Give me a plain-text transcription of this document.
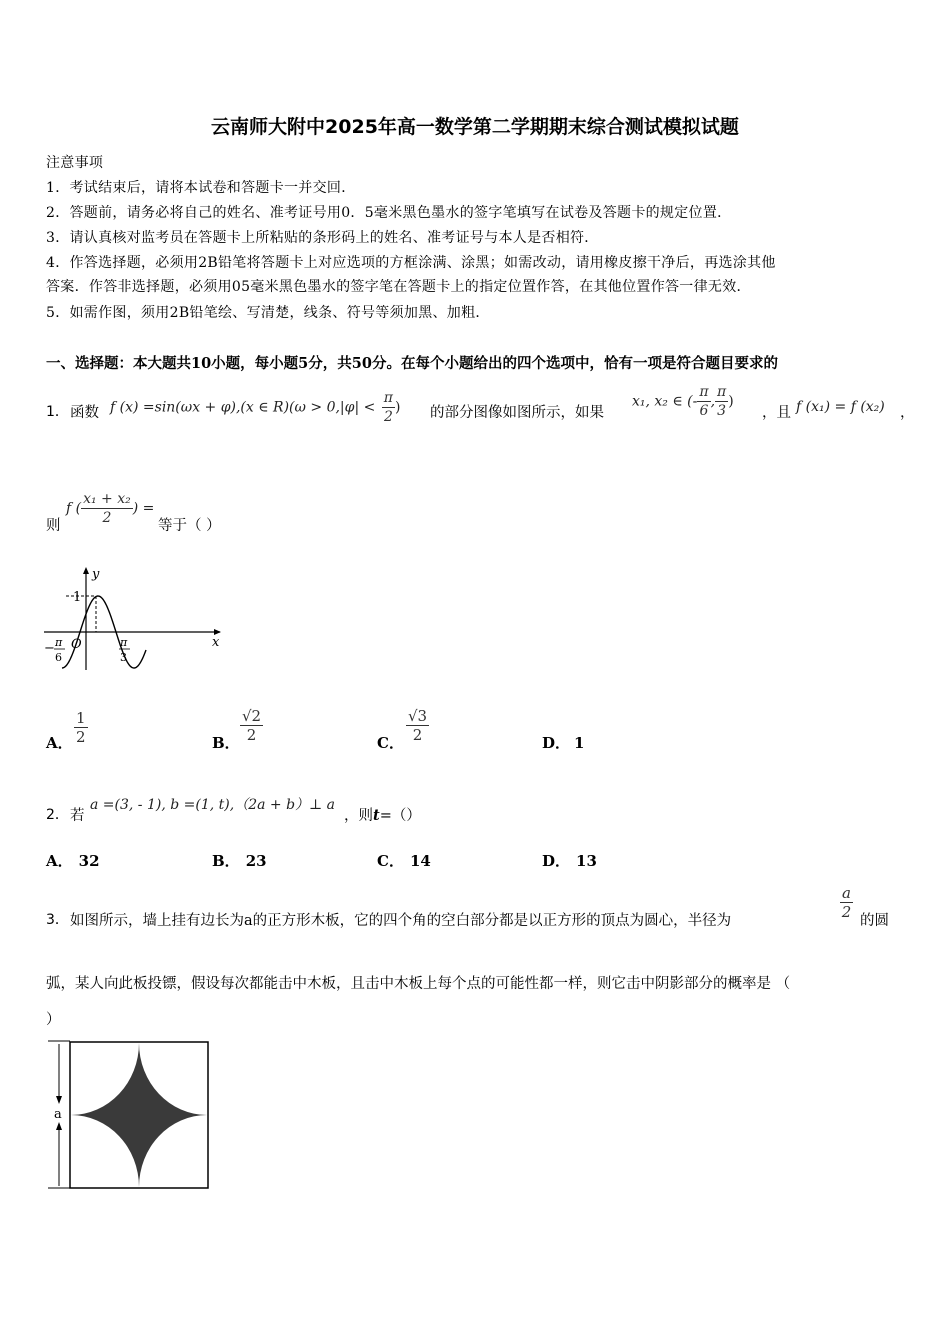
云南师大附中2025年高一数学第二学期期末综合测试模拟试题
注意事项
1．考试结束后，请将本试卷和答题卡一并交回．
2．答题前，请务必将自己的姓名、准考证号用0．5毫米黑色墨水的签字笔填写在试卷及答题卡的规定位置．
3．请认真核对监考员在答题卡上所粘贴的条形码上的姓名、准考证号与本人是否相符．
4．作答选择题，必须用2B铅笔将答题卡上对应选项的方框涂满、涂黑；如需改动，请用橡皮擦干净后，再选涂其他
答案．作答非选择题，必须用05毫米黑色墨水的签字笔在答题卡上的指定位置作答，在其他位置作答一律无效．
5．如需作图，须用2B铅笔绘、写清楚，线条、符号等须加黑、加粗．
一、选择题：本大题共10小题，每小题5分，共50分。在每个小题给出的四个选项中，恰有一项是符合题目要求的
1． 函数 f (x) =sin(ωx + φ),(x ∈ $R)(\omega > 0,|\varphi| < \frac{\pi}{2}$ ) 的部分图像如图所示，如果
x₁, x₂ ∈ (- $\frac{\pi}{6}$ , $\frac{\pi}{3}$ )
，且 f (x₁) = f (x₂) ，
则
f ( $\frac{\text{x₁ + x₂}}{2}$ ) =
等于（ ）
y
x
1
O
− π
6
π
3
A． $\frac{1}{2}$	B． $\frac{√2}{2}$	C． $\frac{√3}{2}$	D． 1
2． 若
a =(3, - 1), b =(1, t),（2a + b）⊥ a
，则t=（）
A． 32	B． 23	C． 14	D． 13
3． 如图所示，墙上挂有边长为a的正方形木板，它的四个角的空白部分都是以正方形的顶点为圆心，半径为	$\frac{a}{2}$ 的圆
弧，某人向此板投镖，假设每次都能击中木板，且击中木板上每个点的可能性都一样，则它击中阴影部分的概率是 （
）
a
